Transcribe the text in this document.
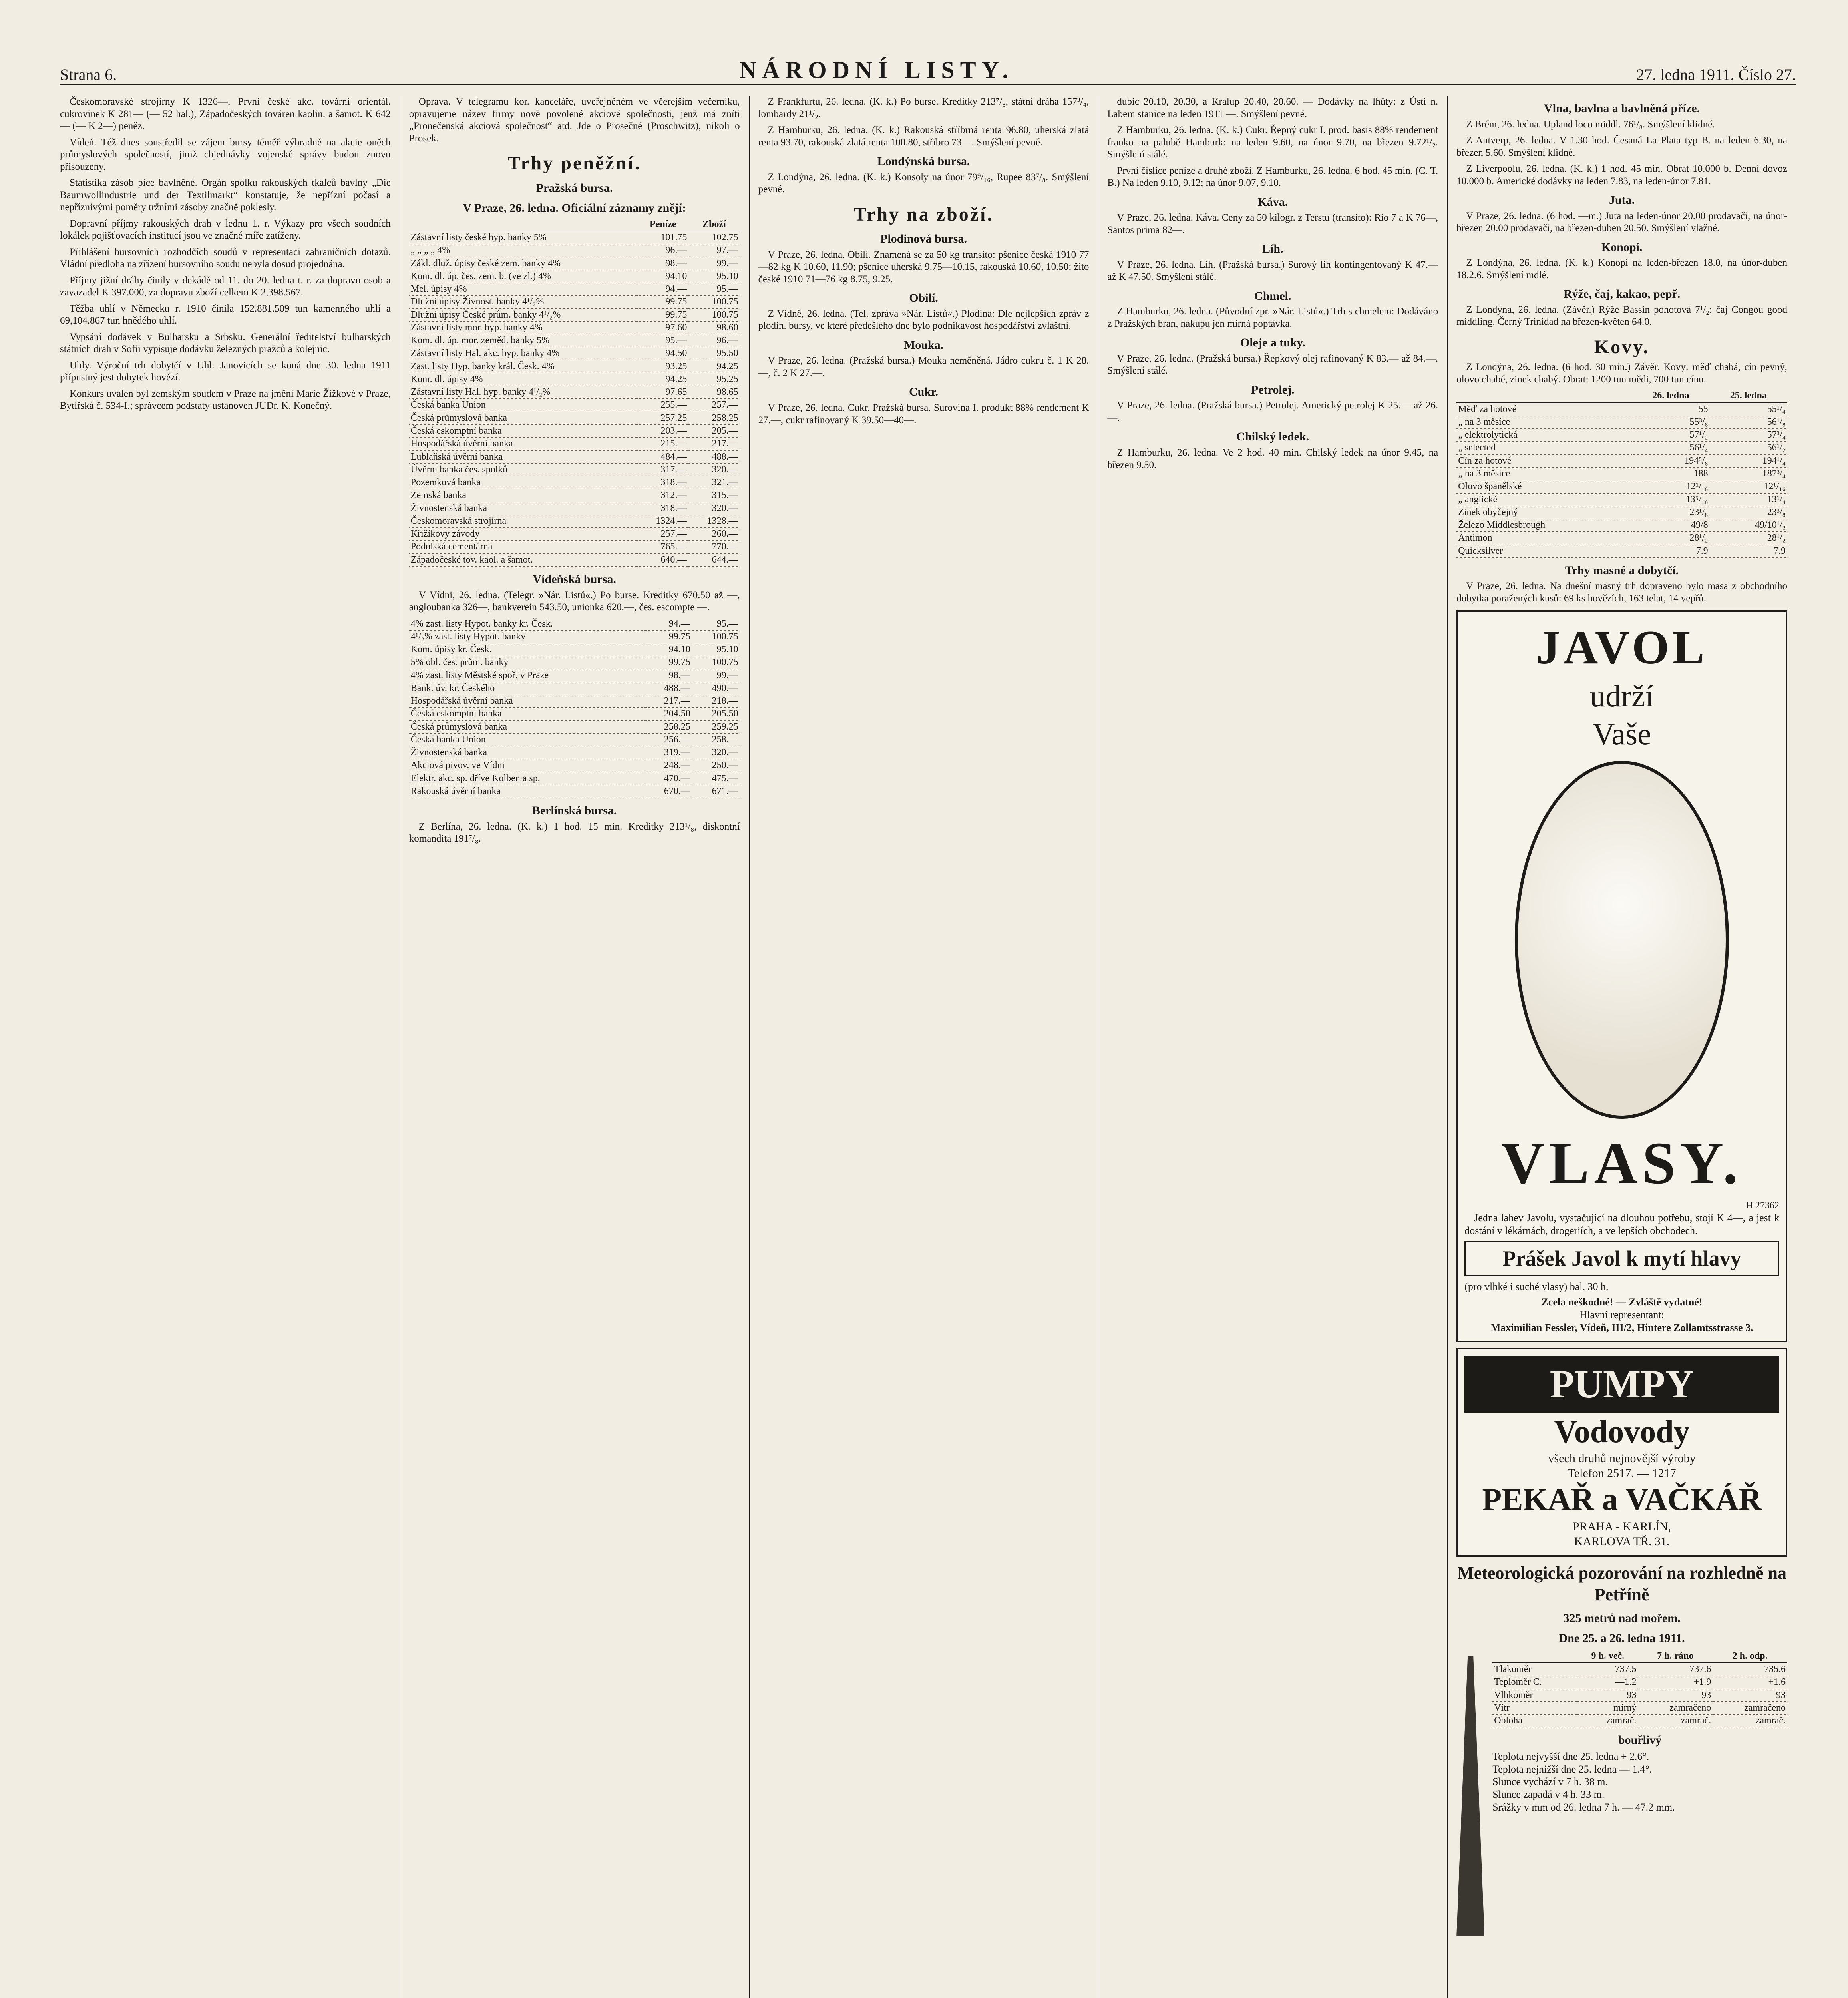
Strana 6.	NÁRODNÍ LISTY.	27. ledna 1911. Číslo 27.

Českomoravské strojírny K 1326—, První české akc. tovární orientál. cukrovinek K 281— (— 52 hal.), Západočeských továren kaolin. a šamot. K 642— (— K 2—) peněz.

Vídeň. Též dnes soustředil se zájem bursy téměř výhradně na akcie oněch průmyslových společností, jimž chjednávky vojenské správy budou znovu přisouzeny.

Statistika zásob píce bavlněné. Orgán spolku rakouských tkalců bavlny „Die Baumwollindustrie und der Textilmarkt“ konstatuje, že nepřízní počasí a nepříznivými poměry tržními zásoby značně poklesly.

Dopravní příjmy rakouských drah v lednu 1. r. Výkazy pro všech soudních lokálek pojišťovacích institucí jsou ve značné míře zatíženy.

Přihlášení bursovních rozhodčích soudů v representaci zahraničních dotazů. Vládní předloha na zřízení bursovního soudu nebyla dosud projednána.

Příjmy jižní dráhy činily v dekádě od 11. do 20. ledna t. r. za dopravu osob a zavazadel K 397.000, za dopravu zboží celkem K 2,398.567.

Těžba uhlí v Německu r. 1910 činila 152.881.509 tun kamenného uhlí a 69,104.867 tun hnědého uhlí.

Vypsání dodávek v Bulharsku a Srbsku. Generální ředitelství bulharských státních drah v Sofii vypisuje dodávku železných pražců a kolejnic.

Uhly. Výroční trh dobytčí v Uhl. Janovicích se koná dne 30. ledna 1911 přípustný jest dobytek hovězí.

Konkurs uvalen byl zemským soudem v Praze na jmění Marie Žižkové v Praze, Bytířská č. 534-I.; správcem podstaty ustanoven JUDr. K. Konečný.

Oprava. V telegramu kor. kanceláře, uveřejněném ve včerejším večerníku, opravujeme název firmy nově povolené akciové společnosti, jenž má zníti „Pronečenská akciová společnost“ atd. Jde o Prosečné (Proschwitz), nikoli o Prosek.

Trhy peněžní.
Pražská bursa.
V Praze, 26. ledna. Oficiální záznamy znějí:
	Peníze	Zboží
Zástavní listy české hyp. banky 5%	101.75	102.75
„ „ „ „ 4%	96.—	97.—
Zákl. dluž. úpisy české zem. banky 4%	98.—	99.—
Kom. dl. úp. čes. zem. b. (ve zl.) 4%	94.10	95.10
Mel. úpisy 4%	94.—	95.—
Dlužní úpisy Živnost. banky 4¹/₂%	99.75	100.75
Dlužní úpisy České prům. banky 4¹/₂%	99.75	100.75
Zástavní listy mor. hyp. banky 4%	97.60	98.60
Kom. dl. úp. mor. zeměd. banky 5%	95.—	96.—
Zástavní listy Hal. akc. hyp. banky 4%	94.50	95.50
Zast. listy Hyp. banky král. Česk. 4%	93.25	94.25
Kom. dl. úpisy 4%	94.25	95.25
Zástavní listy Hal. hyp. banky 4¹/₂%	97.65	98.65
Česká banka Union	255.—	257.—
Česká průmyslová banka	257.25	258.25
Česká eskomptní banka	203.—	205.—
Hospodářská úvěrní banka	215.—	217.—
Lublaňská úvěrní banka	484.—	488.—
Úvěrní banka čes. spolků	317.—	320.—
Pozemková banka	318.—	321.—
Zemská banka	312.—	315.—
Živnostenská banka	318.—	320.—
Českomoravská strojírna	1324.—	1328.—
Křižíkovy závody	257.—	260.—
Podolská cementárna	765.—	770.—
Západočeské tov. kaol. a šamot.	640.—	644.—
Vídeňská bursa.

V Vídni, 26. ledna. (Telegr. »Nár. Listů«.) Po burse. Kreditky 670.50 až —, angloubanka 326—, bankverein 543.50, unionka 620.—, čes. escompte —.

4% zast. listy Hypot. banky kr. Česk.	94.—	95.—
4¹/₂% zast. listy Hypot. banky	99.75	100.75
Kom. úpisy kr. Česk.	94.10	95.10
5% obl. čes. prům. banky	99.75	100.75
4% zast. listy Městské spoř. v Praze	98.—	99.—
Bank. úv. kr. Českého	488.—	490.—
Hospodářská úvěrní banka	217.—	218.—
Česká eskomptní banka	204.50	205.50
Česká průmyslová banka	258.25	259.25
Česká banka Union	256.—	258.—
Živnostenská banka	319.—	320.—
Akciová pivov. ve Vídni	248.—	250.—
Elektr. akc. sp. dříve Kolben a sp.	470.—	475.—
Rakouská úvěrní banka	670.—	671.—
Berlínská bursa.

Z Berlína, 26. ledna. (K. k.) 1 hod. 15 min. Kreditky 213¹/₈, diskontní komandita 191⁷/₈.

Z Frankfurtu, 26. ledna. (K. k.) Po burse. Kreditky 213⁷/₈, státní dráha 157³/₄, lombardy 21¹/₂.

Z Hamburku, 26. ledna. (K. k.) Rakouská stříbrná renta 96.80, uherská zlatá renta 93.70, rakouská zlatá renta 100.80, stříbro 73—. Smýšlení pevné.

Londýnská bursa.

Z Londýna, 26. ledna. (K. k.) Konsoly na únor 79⁹/₁₆, Rupee 83⁷/₈. Smýšlení pevné.

Trhy na zboží.
Plodinová bursa.

V Praze, 26. ledna. Obilí. Znamená se za 50 kg transito: pšenice česká 1910 77—82 kg K 10.60, 11.90; pšenice uherská 9.75—10.15, rakouská 10.60, 10.50; žito české 1910 71—76 kg 8.75, 9.25.

Obilí.

Z Vídně, 26. ledna. (Tel. zpráva »Nár. Listů«.) Plodina: Dle nejlepších zpráv z plodin. bursy, ve které předešlého dne bylo podnikavost hospodářství zvláštní.

Mouka.

V Praze, 26. ledna. (Pražská bursa.) Mouka neměněná. Jádro cukru č. 1 K 28.—, č. 2 K 27.—.

Cukr.

V Praze, 26. ledna. Cukr. Pražská bursa. Surovina I. produkt 88% rendement K 27.—, cukr rafinovaný K 39.50—40—.

dubic 20.10, 20.30, a Kralup 20.40, 20.60. — Dodávky na lhůty: z Ústí n. Labem stanice na leden 1911 —. Smýšlení pevné.

Z Hamburku, 26. ledna. (K. k.) Cukr. Řepný cukr I. prod. basis 88% rendement franko na palubě Hamburk: na leden 9.60, na únor 9.70, na březen 9.72¹/₂. Smýšlení stálé.

První číslice peníze a druhé zboží. Z Hamburku, 26. ledna. 6 hod. 45 min. (C. T. B.) Na leden 9.10, 9.12; na únor 9.07, 9.10.

Káva.

V Praze, 26. ledna. Káva. Ceny za 50 kilogr. z Terstu (transito): Rio 7 a K 76—, Santos prima 82—.

Líh.

V Praze, 26. ledna. Líh. (Pražská bursa.) Surový líh kontingentovaný K 47.— až K 47.50. Smýšlení stálé.

Chmel.

Z Hamburku, 26. ledna. (Původní zpr. »Nár. Listů«.) Trh s chmelem: Dodáváno z Pražských bran, nákupu jen mírná poptávka.

Oleje a tuky.

V Praze, 26. ledna. (Pražská bursa.) Řepkový olej rafinovaný K 83.— až 84.—. Smýšlení stálé.

Petrolej.

V Praze, 26. ledna. (Pražská bursa.) Petrolej. Americký petrolej K 25.— až 26.—.

Chilský ledek.

Z Hamburku, 26. ledna. Ve 2 hod. 40 min. Chilský ledek na únor 9.45, na březen 9.50.

Vlna, bavlna a bavlněná příze.

Z Brém, 26. ledna. Upland loco middl. 76¹/₈. Smýšlení klidné.

Z Antverp, 26. ledna. V 1.30 hod. Česaná La Plata typ B. na leden 6.30, na březen 5.60. Smýšlení klidné.

Z Liverpoolu, 26. ledna. (K. k.) 1 hod. 45 min. Obrat 10.000 b. Denní dovoz 10.000 b. Americké dodávky na leden 7.83, na leden-únor 7.81.

Juta.

V Praze, 26. ledna. (6 hod. —m.) Juta na leden-únor 20.00 prodavači, na únor-březen 20.00 prodavači, na březen-duben 20.50. Smýšlení vlažné.

Konopí.

Z Londýna, 26. ledna. (K. k.) Konopí na leden-březen 18.0, na únor-duben 18.2.6. Smýšlení mdlé.

Rýže, čaj, kakao, pepř.

Z Londýna, 26. ledna. (Závěr.) Rýže Bassin pohotová 7¹/₂; čaj Congou good middling. Černý Trinidad na březen-květen 64.0.

Kovy.

Z Londýna, 26. ledna. (6 hod. 30 min.) Závěr. Kovy: měď chabá, cín pevný, olovo chabé, zinek chabý. Obrat: 1200 tun mědi, 700 tun cínu.

	26. ledna	25. ledna
Měď za hotové	55	55¹/₄
„ na 3 měsíce	55³/₈	56¹/₈
„ elektrolytická	57¹/₂	57³/₄
„ selected	56¹/₄	56¹/₂
Cín za hotové	194⁵/₈	194¹/₄
„ na 3 měsíce	188	187³/₄
Olovo španělské	12¹/₁₆	12¹/₁₆
„ anglické	13⁵/₁₆	13¹/₄
Zinek obyčejný	23¹/₈	23³/₈
Železo Middlesbrough	49/8	49/10¹/₂
Antimon	28¹/₂	28¹/₂
Quicksilver	7.9	7.9
Trhy masné a dobytčí.

V Praze, 26. ledna. Na dnešní masný trh dopraveno bylo masa z obchodního dobytka poražených kusů: 69 ks hovězích, 163 telat, 14 vepřů.

JAVOL
udrží
Vaše
VLASY.
H 27362

Jedna lahev Javolu, vystačující na dlouhou potřebu, stojí K 4—, a jest k dostání v lékárnách, drogeriích, a ve lepších obchodech.

Prášek Javol k mytí hlavy
(pro vlhké i suché vlasy) bal. 30 h.
Zcela neškodné! — Zvláště vydatné!
Hlavní representant:
Maximilian Fessler, Vídeň, III/2, Hintere Zollamtsstrasse 3.
PUMPY
Vodovody
všech druhů nejnovější výroby
Telefon 2517. — 1217
PEKAŘ a VAČKÁŘ
PRAHA - KARLÍN,
KARLOVA TŘ. 31.
Meteorologická pozorování na rozhledně na Petříně
325 metrů nad mořem.
Dne 25. a 26. ledna 1911.
	9 h. več.	7 h. ráno	2 h. odp.
Tlakoměr	737.5	737.6	735.6
Teploměr C.	—1.2	+1.9	+1.6
Vlhkoměr	93	93	93
Vítr	mírný	zamračeno	zamračeno
Obloha	zamrač.	zamrač.	zamrač.
bouřlivý
Teplota nejvyšší dne 25. ledna + 2.6°.
Teplota nejnižší dne 25. ledna — 1.4°.
Slunce vychází v 7 h. 38 m.
Slunce zapadá v 4 h. 33 m.
Srážky v mm od 26. ledna 7 h. — 47.2 mm.
